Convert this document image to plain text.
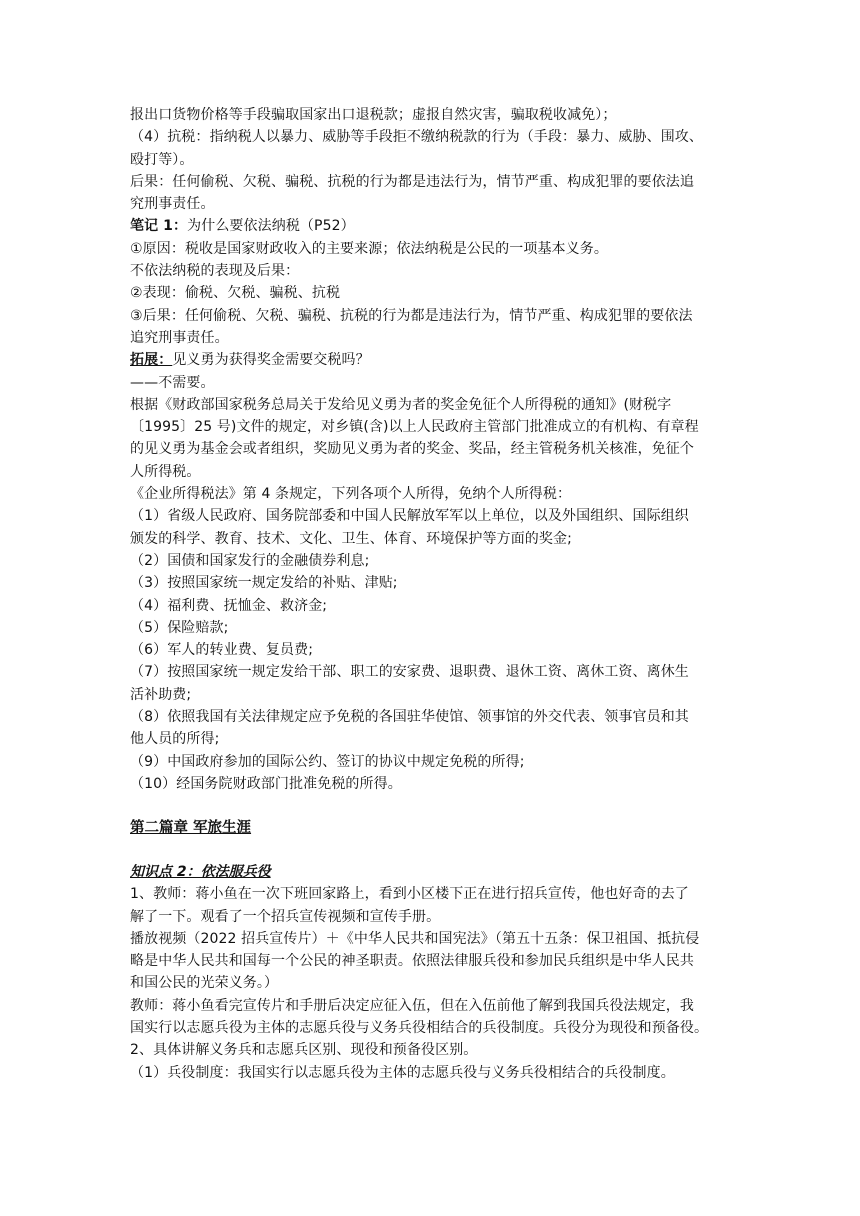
报出口货物价格等手段骗取国家出口退税款；虚报自然灾害，骗取税收减免）；

（4）抗税：指纳税人以暴力、威胁等手段拒不缴纳税款的行为（手段：暴力、威胁、围攻、

殴打等）。

后果：任何偷税、欠税、骗税、抗税的行为都是违法行为，情节严重、构成犯罪的要依法追

究刑事责任。

笔记 1：为什么要依法纳税（P52）

①原因：税收是国家财政收入的主要来源；依法纳税是公民的一项基本义务。

不依法纳税的表现及后果：

②表现：偷税、欠税、骗税、抗税

③后果：任何偷税、欠税、骗税、抗税的行为都是违法行为，情节严重、构成犯罪的要依法

追究刑事责任。

拓展：见义勇为获得奖金需要交税吗？

——不需要。

根据《财政部国家税务总局关于发给见义勇为者的奖金免征个人所得税的通知》(财税字

〔1995〕25 号)文件的规定，对乡镇(含)以上人民政府主管部门批准成立的有机构、有章程

的见义勇为基金会或者组织，奖励见义勇为者的奖金、奖品，经主管税务机关核准，免征个

人所得税。

《企业所得税法》第 4 条规定，下列各项个人所得，免纳个人所得税：

（1）省级人民政府、国务院部委和中国人民解放军军以上单位，以及外国组织、国际组织

颁发的科学、教育、技术、文化、卫生、体育、环境保护等方面的奖金;

（2）国债和国家发行的金融债券利息;

（3）按照国家统一规定发给的补贴、津贴;

（4）福利费、抚恤金、救济金;

（5）保险赔款;

（6）军人的转业费、复员费;

（7）按照国家统一规定发给干部、职工的安家费、退职费、退休工资、离休工资、离休生

活补助费;

（8）依照我国有关法律规定应予免税的各国驻华使馆、领事馆的外交代表、领事官员和其

他人员的所得;

（9）中国政府参加的国际公约、签订的协议中规定免税的所得;

（10）经国务院财政部门批准免税的所得。

第二篇章 军旅生涯

知识点 2：依法服兵役

1、教师：蒋小鱼在一次下班回家路上，看到小区楼下正在进行招兵宣传，他也好奇的去了

解了一下。观看了一个招兵宣传视频和宣传手册。

播放视频（2022 招兵宣传片）＋《中华人民共和国宪法》（第五十五条：保卫祖国、抵抗侵

略是中华人民共和国每一个公民的神圣职责。依照法律服兵役和参加民兵组织是中华人民共

和国公民的光荣义务。）

教师：蒋小鱼看完宣传片和手册后决定应征入伍，但在入伍前他了解到我国兵役法规定，我

国实行以志愿兵役为主体的志愿兵役与义务兵役相结合的兵役制度。兵役分为现役和预备役。

2、具体讲解义务兵和志愿兵区别、现役和预备役区别。

（1）兵役制度：我国实行以志愿兵役为主体的志愿兵役与义务兵役相结合的兵役制度。
